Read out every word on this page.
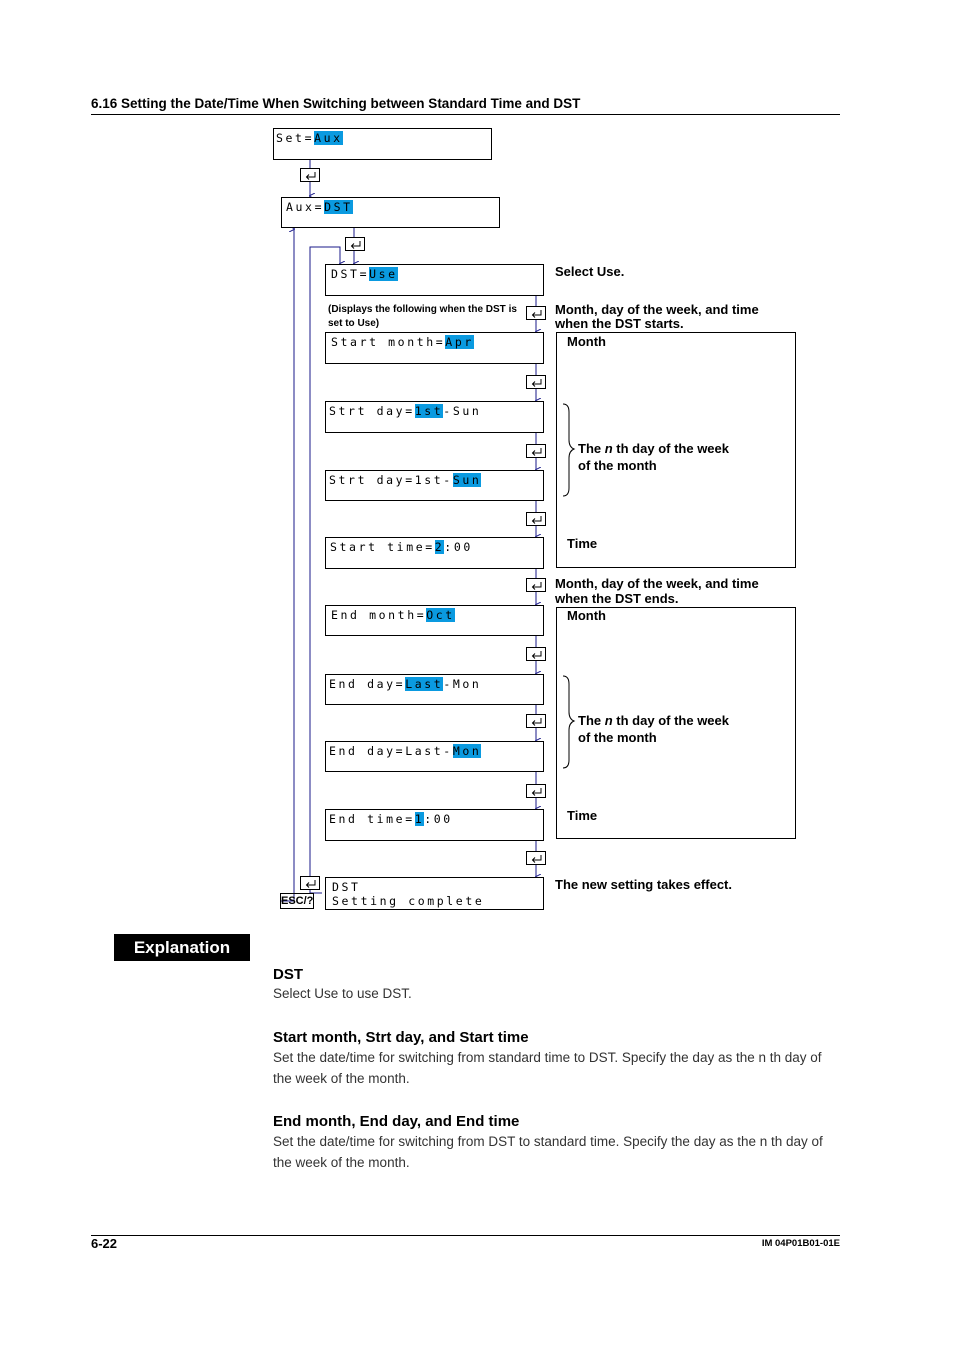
6.16 Setting the Date/Time When Switching between Standard Time and DST
Set=Aux
Aux=DST
DST=Use
(Displays the following when the DST is set to Use)
Start month=Apr
Strt day=1st-Sun
Strt day=1st-Sun
Start time=2:00
End month=Oct
End day=Last-Mon
End day=Last-Mon
End time=1:00
DST
Setting complete
ESC/?
Select Use.
Month, day of the week, and time
when the DST starts.
Month
The n th day of the week
of the month
Time
Month, day of the week, and time
when the DST ends.
Month
The n th day of the week
of the month
Time
The new setting takes effect.
Explanation
DST
Select Use to use DST.
Start month, Strt day, and Start time
Set the date/time for switching from standard time to DST. Specify the day as the n th day of the week of the month.
End month, End day, and End time
Set the date/time for switching from DST to standard time. Specify the day as the n th day of the week of the month.
6-22	IM 04P01B01-01E
